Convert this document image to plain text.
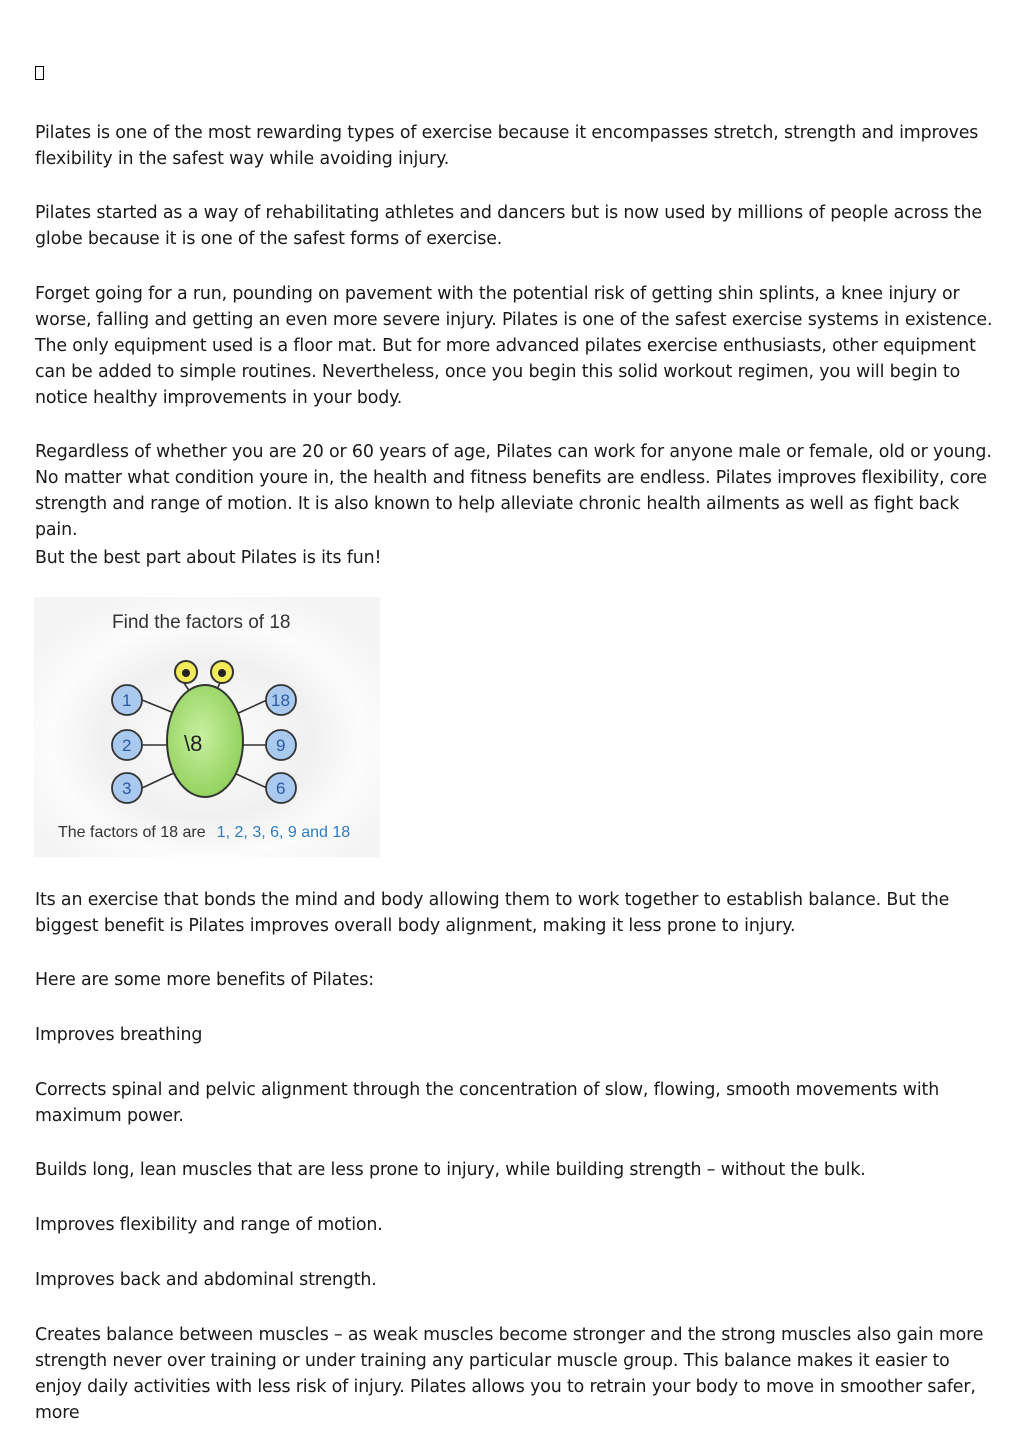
Pilates is one of the most rewarding types of exercise because it encompasses stretch, strength and improves flexibility in the safest way while avoiding injury.

Pilates started as a way of rehabilitating athletes and dancers but is now used by millions of people across the globe because it is one of the safest forms of exercise.

Forget going for a run, pounding on pavement with the potential risk of getting shin splints, a knee injury or worse, falling and getting an even more severe injury. Pilates is one of the safest exercise systems in existence. The only equipment used is a floor mat. But for more advanced pilates exercise enthusiasts, other equipment can be added to simple routines. Nevertheless, once you begin this solid workout regimen, you will begin to notice healthy improvements in your body.

Regardless of whether you are 20 or 60 years of age, Pilates can work for anyone male or female, old or young. No matter what condition youre in, the health and fitness benefits are endless. Pilates improves flexibility, core strength and range of motion. It is also known to help alleviate chronic health ailments as well as fight back pain.

But the best part about Pilates is its fun!

Find the factors of 18
\8
1
2
3
18
9
6
The factors of 18 are 1, 2, 3, 6, 9 and 18

Its an exercise that bonds the mind and body allowing them to work together to establish balance. But the biggest benefit is Pilates improves overall body alignment, making it less prone to injury.

Here are some more benefits of Pilates:

Improves breathing

Corrects spinal and pelvic alignment through the concentration of slow, flowing, smooth movements with maximum power.

Builds long, lean muscles that are less prone to injury, while building strength – without the bulk.

Improves flexibility and range of motion.

Improves back and abdominal strength.

Creates balance between muscles – as weak muscles become stronger and the strong muscles also gain more strength never over training or under training any particular muscle group. This balance makes it easier to enjoy daily activities with less risk of injury. Pilates allows you to retrain your body to move in smoother safer, more
